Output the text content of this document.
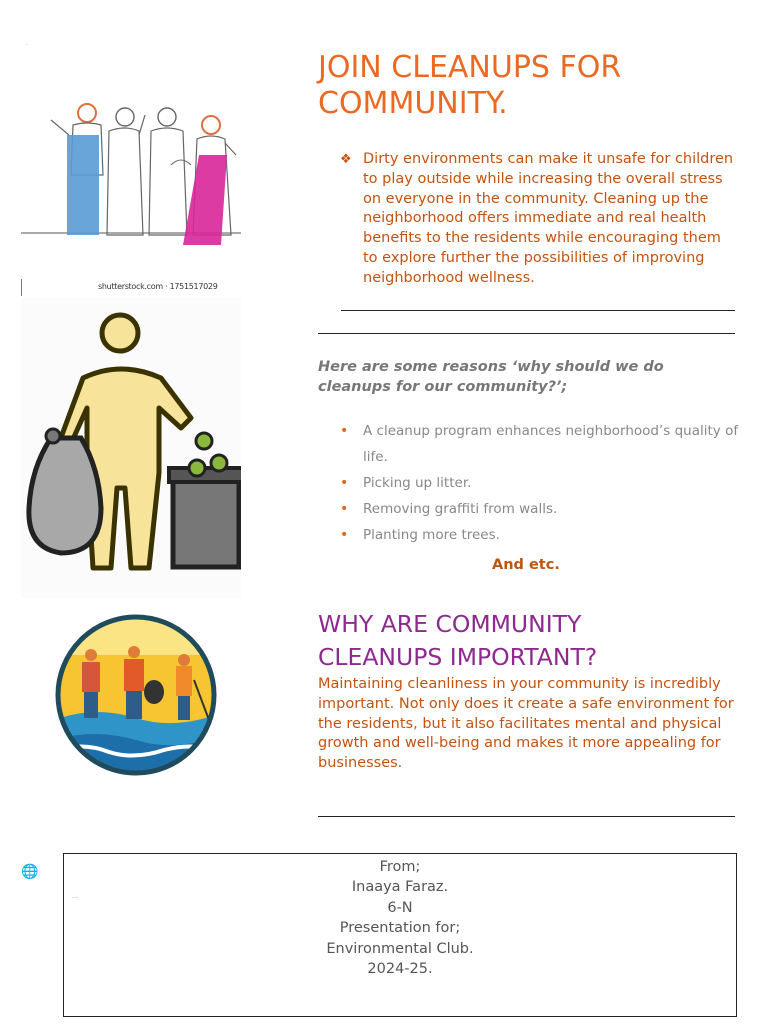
·
shutterstock.com · 1751517029
JOIN CLEANUPS FOR
COMMUNITY.
❖ Dirty environments can make it unsafe for children to play outside while increasing the overall stress on everyone in the community. Cleaning up the neighborhood offers immediate and real health benefits to the residents while encouraging them to explore further the possibilities of improving neighborhood wellness.

Here are some reasons ‘why should we do cleanups for our community?’;

• A cleanup program enhances neighborhood’s quality of life.
• Picking up litter.
• Removing graffiti from walls.
• Planting more trees.
And etc.
WHY ARE COMMUNITY
CLEANUPS IMPORTANT?

Maintaining cleanliness in your community is incredibly important. Not only does it create a safe environment for the residents, but it also facilitates mental and physical growth and well-being and makes it more appealing for businesses.

🌐
…
From;
Inaaya Faraz.
6-N
Presentation for;
Environmental Club.
2024-25.
